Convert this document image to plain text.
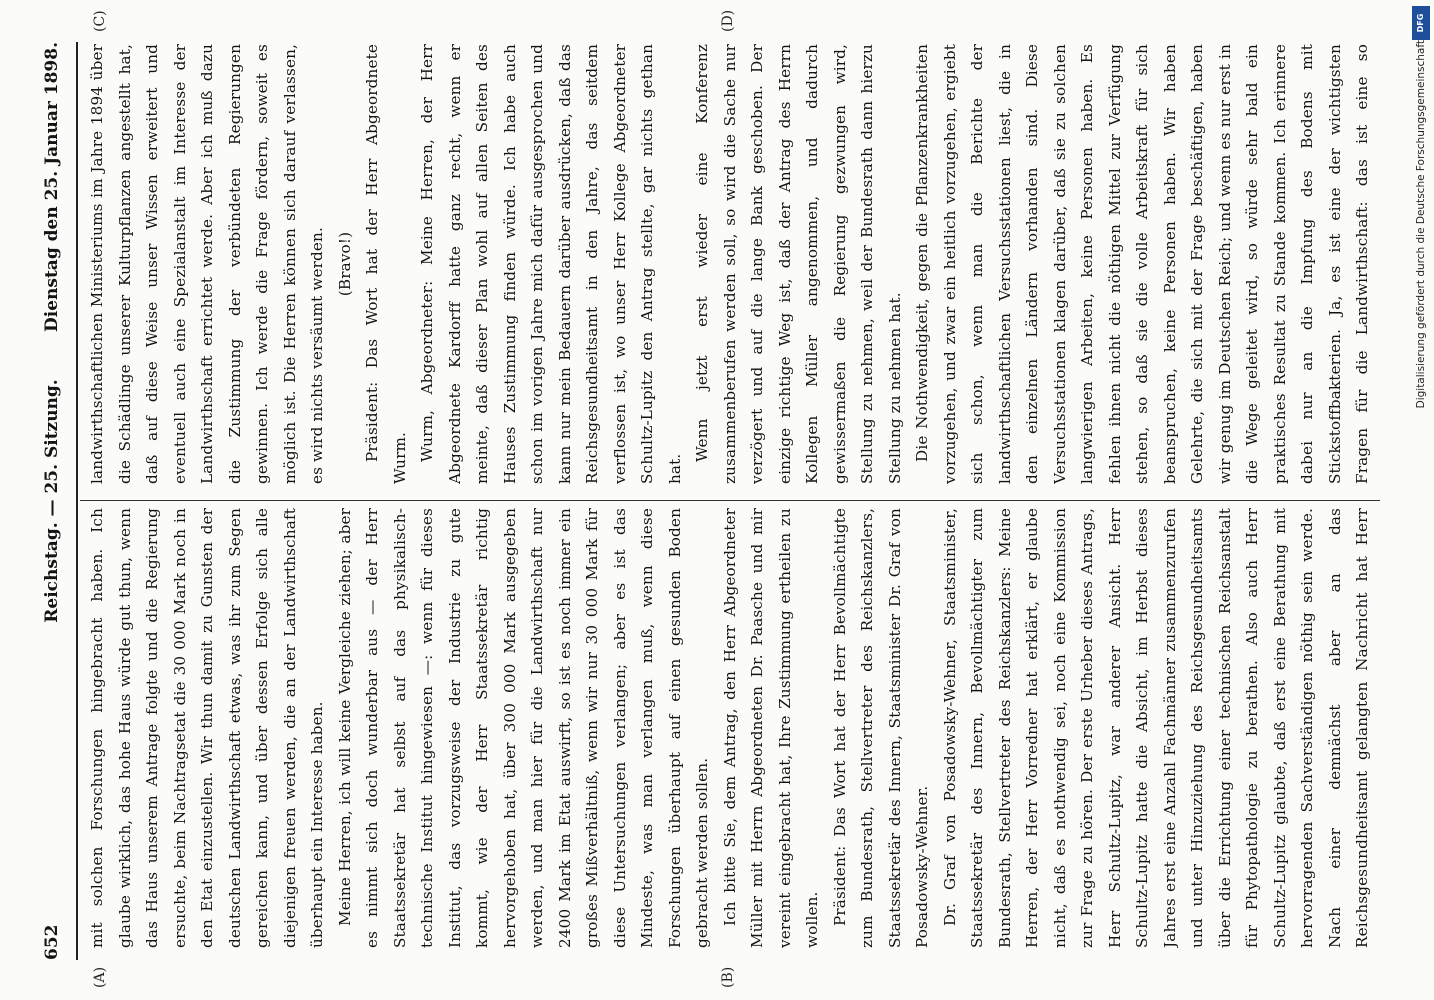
652
Reichstag. — 25. Sitzung.
Dienstag den 25. Januar 1898.
(A)	(B)
(C)	(D)

mit solchen Forschungen hingebracht haben. Ich glaube wirklich, das hohe Haus würde gut thun, wenn das Haus unserem Antrage folgte und die Regierung ersuchte, beim Nachtragsetat die 30 000 Mark noch in den Etat einzustellen. Wir thun damit zu Gunsten der deutschen Landwirthschaft etwas, was ihr zum Segen gereichen kann, und über dessen Erfolge sich alle diejenigen freuen werden, die an der Landwirthschaft überhaupt ein Interesse haben. Meine Herren, ich will keine Vergleiche ziehen; aber es nimmt sich doch wunderbar aus — der Herr Staatssekretär hat selbst auf das physikalisch-technische Institut hingewiesen —: wenn für dieses Institut, das vorzugsweise der Industrie zu gute kommt, wie der Herr Staatssekretär richtig hervorgehoben hat, über 300 000 Mark ausgegeben werden, und man hier für die Landwirthschaft nur 2400 Mark im Etat auswirft, so ist es noch immer ein großes Mißverhältniß, wenn wir nur 30 000 Mark für diese Untersuchungen verlangen; aber es ist das Mindeste, was man verlangen muß, wenn diese Forschungen überhaupt auf einen gesunden Boden gebracht werden sollen. Ich bitte Sie, dem Antrag, den Herr Abgeordneter Müller mit Herrn Abgeordneten Dr. Paasche und mir vereint eingebracht hat, Ihre Zustimmung ertheilen zu wollen. Präsident: Das Wort hat der Herr Bevollmächtigte zum Bundesrath, Stellvertreter des Reichskanzlers, Staatssekretär des Innern, Staatsminister Dr. Graf von Posadowsky-Wehner. Dr. Graf von Posadowsky-Wehner, Staatsminister, Staatssekretär des Innern, Bevollmächtigter zum Bundesrath, Stellvertreter des Reichskanzlers: Meine Herren, der Herr Vorredner hat erklärt, er glaube nicht, daß es nothwendig sei, noch eine Kommission zur Frage zu hören. Der erste Urheber dieses Antrags, Herr Schultz-Lupitz, war anderer Ansicht. Herr Schultz-Lupitz hatte die Absicht, im Herbst dieses Jahres erst eine Anzahl Fachmänner zusammenzurufen und unter Hinzuziehung des Reichsgesundheitsamts über die Errichtung einer technischen Reichsanstalt für Phytopathologie zu berathen. Also auch Herr Schultz-Lupitz glaubte, daß erst eine Berathung mit hervorragenden Sachverständigen nöthig sein werde. Nach einer demnächst aber an das Reichsgesundheitsamt gelangten Nachricht hat Herr

landwirthschaftlichen Ministeriums im Jahre 1894 über die Schädlinge unserer Kulturpflanzen angestellt hat, daß auf diese Weise unser Wissen erweitert und eventuell auch eine Spezialanstalt im Interesse der Landwirthschaft errichtet werde. Aber ich muß dazu die Zustimmung der verbündeten Regierungen gewinnen. Ich werde die Frage fördern, soweit es möglich ist. Die Herren können sich darauf verlassen, es wird nichts versäumt werden. (Bravo!) Präsident: Das Wort hat der Herr Abgeordnete Wurm. Wurm, Abgeordneter: Meine Herren, der Herr Abgeordnete Kardorff hatte ganz recht, wenn er meinte, daß dieser Plan wohl auf allen Seiten des Hauses Zustimmung finden würde. Ich habe auch schon im vorigen Jahre mich dafür ausgesprochen und kann nur mein Bedauern darüber ausdrücken, daß das Reichsgesundheitsamt in den Jahre, das seitdem verflossen ist, wo unser Herr Kollege Abgeordneter Schultz-Lupitz den Antrag stellte, gar nichts gethan hat.

Wenn jetzt erst wieder eine Konferenz zusammenberufen werden soll, so wird die Sache nur verzögert und auf die lange Bank geschoben. Der einzige richtige Weg ist, daß der Antrag des Herrn Kollegen Müller angenommen, und dadurch gewissermaßen die Regierung gezwungen wird, Stellung zu nehmen, weil der Bundesrath dann hierzu Stellung zu nehmen hat. Die Nothwendigkeit, gegen die Pflanzenkrankheiten vorzugehen, und zwar ein heitlich vorzugehen, ergiebt sich schon, wenn man die Berichte der landwirthschaftlichen Versuchsstationen liest, die in den einzelnen Ländern vorhanden sind. Diese Versuchsstationen klagen darüber, daß sie zu solchen langwierigen Arbeiten, keine Personen haben. Es fehlen ihnen nicht die nöthigen Mittel zur Verfügung stehen, so daß sie die volle Arbeitskraft für sich beanspruchen, keine Personen haben. Wir haben Gelehrte, die sich mit der Frage beschäftigen, haben wir genug im Deutschen Reich; und wenn es nur erst in die Wege geleitet wird, so würde sehr bald ein praktisches Resultat zu Stande kommen. Ich erinnere dabei nur an die Impfung des Bodens mit Stickstoffbakterien. Ja, es ist eine der wichtigsten Fragen für die Landwirthschaft: das ist eine so	Digitalisierung gefördert durch die Deutsche Forschungsgemeinschaft
DFG
